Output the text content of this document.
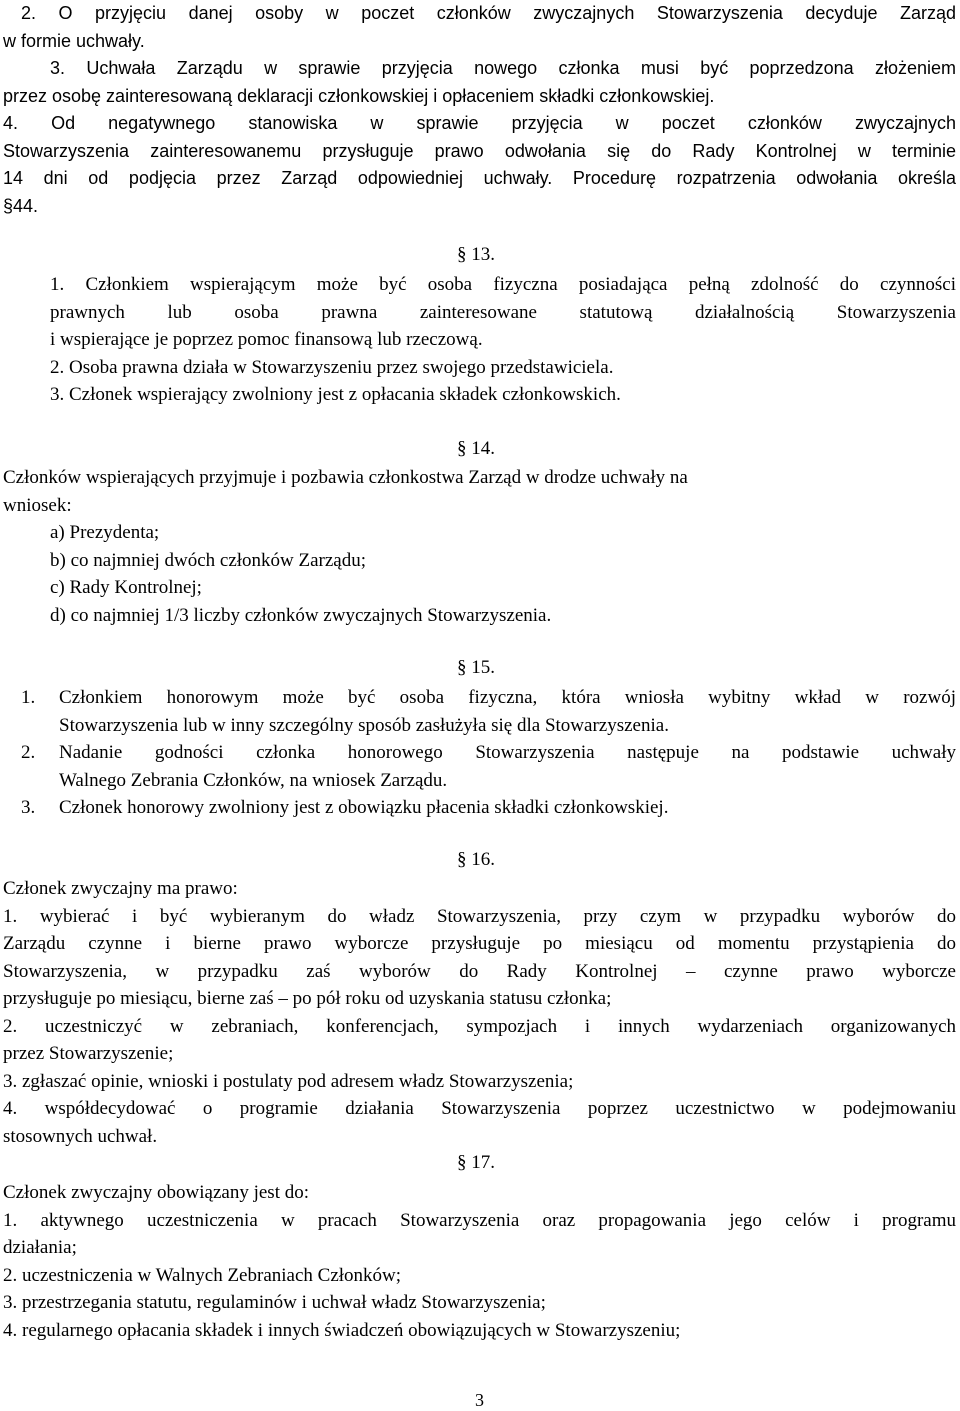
2. O przyjęciu danej osoby w poczet członków zwyczajnych Stowarzyszenia decyduje Zarząd
w formie uchwały.
3. Uchwała Zarządu w sprawie przyjęcia nowego członka musi być poprzedzona złożeniem
przez osobę zainteresowaną deklaracji członkowskiej i opłaceniem składki członkowskiej.
4. Od negatywnego stanowiska w sprawie przyjęcia w poczet członków zwyczajnych
Stowarzyszenia zainteresowanemu przysługuje prawo odwołania się do Rady Kontrolnej w terminie
14 dni od podjęcia przez Zarząd odpowiedniej uchwały. Procedurę rozpatrzenia odwołania określa
§44.
§ 13.
1. Członkiem wspierającym może być osoba fizyczna posiadająca pełną zdolność do czynności
prawnych lub osoba prawna zainteresowane statutową działalnością Stowarzyszenia
i wspierające je poprzez pomoc finansową lub rzeczową.
2. Osoba prawna działa w Stowarzyszeniu przez swojego przedstawiciela.
3. Członek wspierający zwolniony jest z opłacania składek członkowskich.
§ 14.
Członków wspierających przyjmuje i pozbawia członkostwa Zarząd w drodze uchwały na
wniosek:
a) Prezydenta;
b) co najmniej dwóch członków Zarządu;
c) Rady Kontrolnej;
d) co najmniej 1/3 liczby członków zwyczajnych Stowarzyszenia.
§ 15.
1. Członkiem honorowym może być osoba fizyczna, która wniosła wybitny wkład w rozwój
Stowarzyszenia lub w inny szczególny sposób zasłużyła się dla Stowarzyszenia.
2. Nadanie godności członka honorowego Stowarzyszenia następuje na podstawie uchwały
Walnego Zebrania Członków, na wniosek Zarządu.
3. Członek honorowy zwolniony jest z obowiązku płacenia składki członkowskiej.
§ 16.
Członek zwyczajny ma prawo:
1. wybierać i być wybieranym do władz Stowarzyszenia, przy czym w przypadku wyborów do
Zarządu czynne i bierne prawo wyborcze przysługuje po miesiącu od momentu przystąpienia do
Stowarzyszenia, w przypadku zaś wyborów do Rady Kontrolnej – czynne prawo wyborcze
przysługuje po miesiącu, bierne zaś – po pół roku od uzyskania statusu członka;
2. uczestniczyć w zebraniach, konferencjach, sympozjach i innych wydarzeniach organizowanych
przez Stowarzyszenie;
3. zgłaszać opinie, wnioski i postulaty pod adresem władz Stowarzyszenia;
4. współdecydować o programie działania Stowarzyszenia poprzez uczestnictwo w podejmowaniu
stosownych uchwał.
§ 17.
Członek zwyczajny obowiązany jest do:
1. aktywnego uczestniczenia w pracach Stowarzyszenia oraz propagowania jego celów i programu
działania;
2. uczestniczenia w Walnych Zebraniach Członków;
3. przestrzegania statutu, regulaminów i uchwał władz Stowarzyszenia;
4. regularnego opłacania składek i innych świadczeń obowiązujących w Stowarzyszeniu;
3
